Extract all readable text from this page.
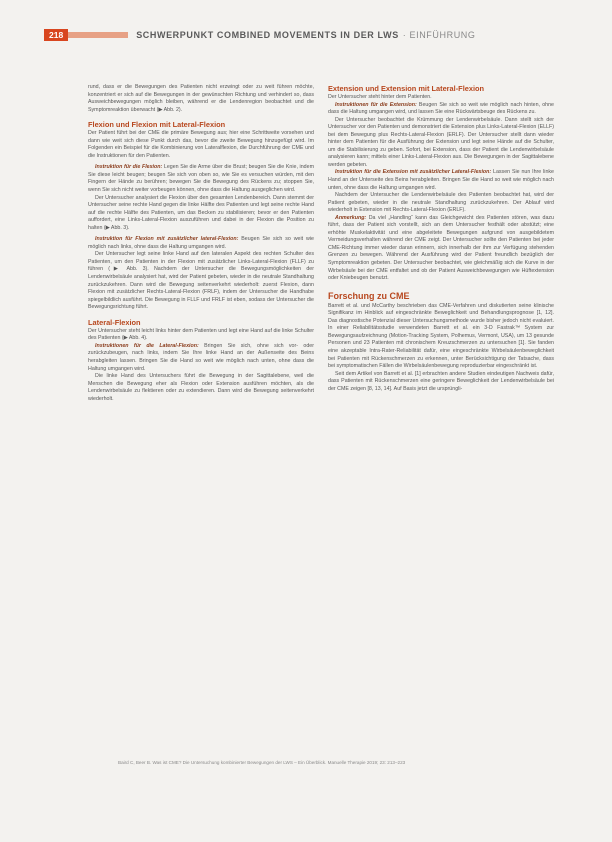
218	SCHWERPUNKT COMBINED MOVEMENTS IN DER LWS · EINFÜHRUNG

rund, dass er die Bewegungen des Patienten nicht erzwingt oder zu weit führen möchte, konzentriert er sich auf die Bewegungen in der gewünschten Richtung und verhindert so, dass Ausweichbewegungen möglich bleiben, während er die Lendenregion beobachtet und die Symptomreaktion überwacht (▶ Abb. 2).

Flexion und Flexion mit Lateral-Flexion

Der Patient führt bei der CME die primäre Bewegung aus; hier eine Schrittweite vorsehen und dann wie weit sich diese Punkt durch das, bevor die zweite Bewegung hinzugefügt wird. Im Folgenden ein Beispiel für die Kombinierung von Lateralflexion, die Durchführung der CME und die Instruktionen für den Patienten.

Instruktion für die Flexion: Legen Sie die Arme über die Brust; beugen Sie die Knie, indem Sie diese leicht beugen; beugen Sie sich von oben so, wie Sie es versuchen würden, mit den Fingern der Hände zu berühren; bewegen Sie die Bewegung des Rückens zu; stoppen Sie, wenn Sie sich nicht weiter vorbeugen können, ohne dass die Haltung ausgeglichen wird.

Der Untersucher analysiert die Flexion über den gesamten Lendenbereich. Dann stemmt der Untersucher seine rechte Hand gegen die linke Hälfte des Patienten und legt seine rechte Hand auf die rechte Hälfte des Patienten, um das Becken zu stabilisieren; bevor er den Patienten auffordert, eine Links-Lateral-Flexion auszuführen und dabei in der Flexion die Position zu halten (▶ Abb. 3).

Instruktion für Flexion mit zusätzlicher lateral-Flexion: Beugen Sie sich so weit wie möglich nach links, ohne dass die Haltung umgangen wird.

Der Untersucher legt seine linke Hand auf den lateralen Aspekt des rechten Schulter des Patienten, um den Patienten in der Flexion mit zusätzlicher Links-Lateral-Flexion (FLLF) zu führen (▶ Abb. 3). Nachdem der Untersucher die Bewegungsmöglichkeiten der Lendenwirbelsäule analysiert hat, wird der Patient gebeten, wieder in die neutrale Standhaltung zurückzukehren. Dann wird die Bewegung seitenverkehrt wiederholt: zuerst Flexion, dann Flexion mit zusätzlicher Rechts-Lateral-Flexion (FRLF), indem der Untersucher die Handhabe spiegelbildlich ausführt. Die Bewegung in FLLF und FRLF ist eben, sodass der Untersucher die Bewegungsrichtung führt.

Lateral-Flexion

Der Untersucher steht leicht links hinter dem Patienten und legt eine Hand auf die linke Schulter des Patienten (▶ Abb. 4).

Instruktionen für die Lateral-Flexion: Bringen Sie sich, ohne sich vor- oder zurückzubeugen, nach links, indem Sie Ihre linke Hand an der Außenseite des Beins herabgleiten lassen. Bringen Sie die Hand so weit wie möglich nach unten, ohne dass die Haltung umgangen wird.

Die linke Hand des Untersuchers führt die Bewegung in der Sagittalebene, weil die Menschen die Bewegung eher als Flexion oder Extension ausführen möchten, als die Lendenwirbelsäule zu flektieren oder zu extendieren. Dann wird die Bewegung seitenverkehrt wiederholt.

Extension und Extension mit Lateral-Flexion

Der Untersucher steht hinter dem Patienten.

Instruktionen für die Extension: Beugen Sie sich so weit wie möglich nach hinten, ohne dass die Haltung umgangen wird, und lassen Sie eine Rückwärtsbeuge des Rückens zu.

Der Untersucher beobachtet die Krümmung der Lendenwirbelsäule. Dann stellt sich der Untersucher vor den Patienten und demonstriert die Extension plus Links-Lateral-Flexion (ELLF) bei dem Bewegung plus Rechts-Lateral-Flexion (ERLF). Der Untersucher stellt dann wieder hinter dem Patienten für die Ausführung der Extension und legt seine Hände auf die Schulter, um die Stabilisierung zu geben. Sofort, bei Extension, dass der Patient die Lendenwirbelsäule analysieren kann; mittels einer Links-Lateral-Flexion aus. Die Bewegungen in der Sagittalebene werden gebeten.

Instruktion für die Extension mit zusätzlicher Lateral-Flexion: Lassen Sie nun Ihre linke Hand an der Unterseite des Beins herabgleiten. Bringen Sie die Hand so weit wie möglich nach unten, ohne dass die Haltung umgangen wird.

Nachdem der Untersucher die Lendenwirbelsäule des Patienten beobachtet hat, wird der Patient gebeten, wieder in die neutrale Standhaltung zurückzukehren. Der Ablauf wird wiederholt in Extension mit Rechts-Lateral-Flexion (ERLF).

Anmerkung: Da viel „Handling“ kann das Gleichgewicht des Patienten stören, was dazu führt, dass der Patient sich vorstellt, sich an dem Untersucher festhält oder abstützt; eine erhöhte Muskelaktivität und eine abgeleitete Bewegungen aufgrund von ausgebildetem Vermeidungsverhalten während der CME zeigt. Der Untersucher sollte den Patienten bei jeder CME-Richtung immer wieder daran erinnern, sich innerhalb der ihm zur Verfügung stehenden Grenzen zu bewegen. Während der Ausführung wird der Patient freundlich bezüglich der Symptomreaktion gebeten. Der Untersucher beobachtet, wie gleichmäßig sich die Kurve in der Wirbelsäule bei der CME entfaltet und ob der Patient Ausweichbewegungen wie Hüftextension oder Kniebeugen benutzt.

Forschung zu CME

Barrett et al. und McCarthy beschrieben das CME-Verfahren und diskutierten seine klinische Signifikanz im Hinblick auf eingeschränkte Beweglichkeit und Behandlungsprognose [1, 12]. Das diagnostische Potenzial dieser Untersuchungsmethode wurde bisher jedoch nicht evaluiert. In einer Reliabilitätsstudie verwendeten Barrett et al. ein 3-D Fastrak™ System zur Bewegungsaufzeichnung (Motion-Tracking System, Polhemus, Vermont, USA), um 13 gesunde Personen und 23 Patienten mit chronischem Kreuzschmerzen zu untersuchen [1]. Sie fanden eine akzeptable Intra-Rater-Reliabilität dafür, eine eingeschränkte Wirbelsäulenbeweglichkeit bei Patienten mit Rückenschmerzen zu erkennen, unter Berücksichtigung der Tatsache, dass bei symptomatischen Fällen die Wirbelsäulenbewegung reproduzierbar eingeschränkt ist.

Seit dem Artikel von Barrett et al. [1] erbrachten andere Studien eindeutigen Nachweis dafür, dass Patienten mit Rückenschmerzen eine geringere Beweglichkeit der Lendenwirbelsäule bei der CME zeigen [8, 13, 14]. Auf Basis jetzt die ursprüngli-

Baird C, Beer B. Was ist CME? Die Untersuchung kombinierter Bewegungen der LWS – Ein Überblick. Manuelle Therapie 2019; 23: 213–223
